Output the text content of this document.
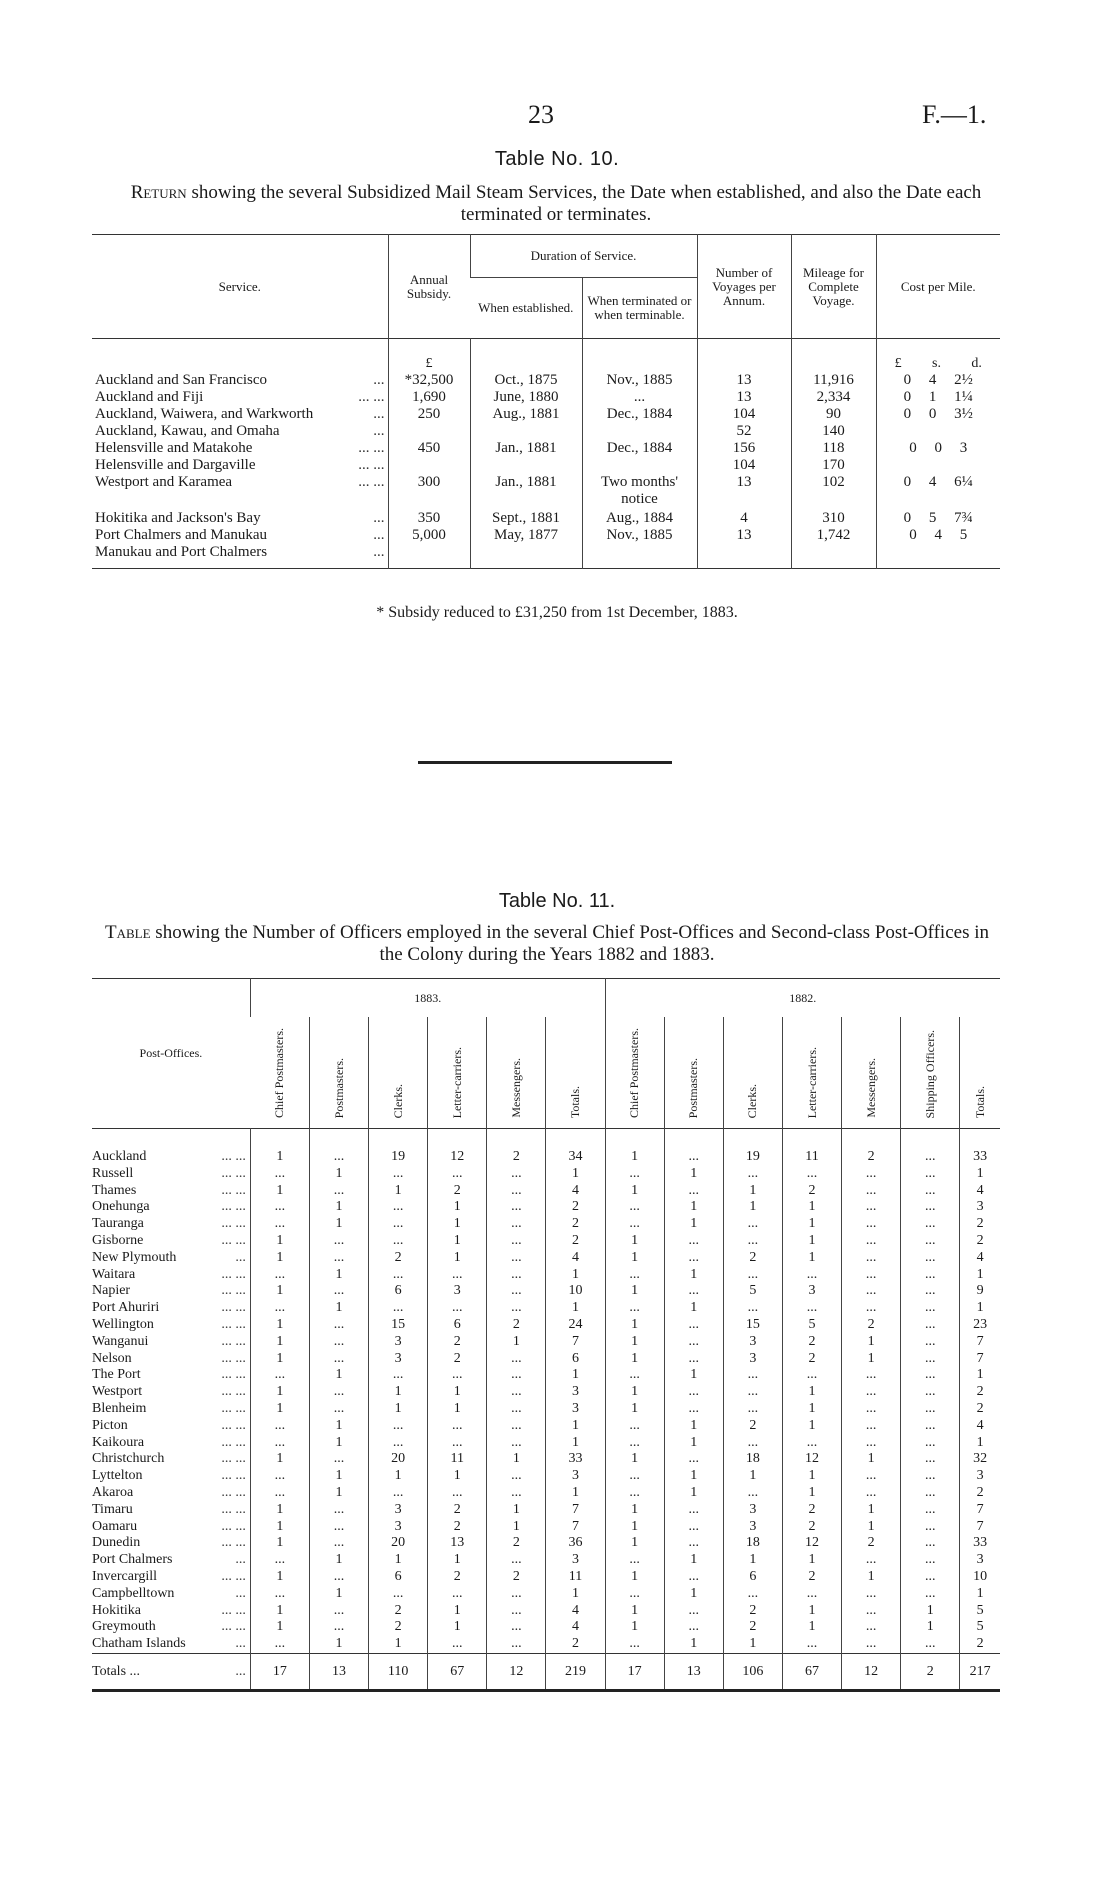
23	F.—1.
Table No. 10.
Return showing the several Subsidized Mail Steam Services, the Date when established, and also the Date each terminated or terminates.
Service.	Annual Subsidy.	Duration of Service.		Number of Voyages per Annum.	Mileage for Complete Voyage.	Cost per Mile.
		When established.	When terminated or when terminable.			
	£					£ s. d.

Auckland and San Francisco ...	*32,500	Oct., 1875	Nov., 1885	13	11,916	0 4 2½

Auckland and Fiji ... ...	1,690	June, 1880	...	13	2,334	0 1 1¼

Auckland, Waiwera, and Warkworth ...	250	Aug., 1881	Dec., 1884	104	90	0 0 3½

Auckland, Kawau, and Omaha ...				52	140	

Helensville and Matakohe ... ...	450	Jan., 1881	Dec., 1884	156	118	0 0 3

Helensville and Dargaville ... ...				104	170	

Westport and Karamea ... ...	300	Jan., 1881	Two months' notice	13	102	0 4 6¼

Hokitika and Jackson's Bay ...	350	Sept., 1881	Aug., 1884	4	310	0 5 7¾

Port Chalmers and Manukau ...	5,000	May, 1877	Nov., 1885	13	1,742	0 4 5

Manukau and Port Chalmers ...						

* Subsidy reduced to £31,250 from 1st December, 1883.
Table No. 11.
Table showing the Number of Officers employed in the several Chief Post-Offices and Second-class Post-Offices in the Colony during the Years 1882 and 1883.
Post-Offices.	1883.						1882.						
	Chief Postmasters.	Postmasters.	Clerks.	Letter-carriers.	Messengers.	Totals.	Chief Postmasters.	Postmasters.	Clerks.	Letter-carriers.	Messengers.	Shipping Officers.	Totals.

Auckland ... ...	1	...	19	12	2	34	1	...	19	11	2	...	33

Russell ... ...	...	1	...	...	...	1	...	1	...	...	...	...	1

Thames ... ...	1	...	1	2	...	4	1	...	1	2	...	...	4

Onehunga ... ...	...	1	...	1	...	2	...	1	1	1	...	...	3

Tauranga ... ...	...	1	...	1	...	2	...	1	...	1	...	...	2

Gisborne ... ...	1	...	...	1	...	2	1	...	...	1	...	...	2

New Plymouth ...	1	...	2	1	...	4	1	...	2	1	...	...	4

Waitara ... ...	...	1	...	...	...	1	...	1	...	...	...	...	1

Napier ... ...	1	...	6	3	...	10	1	...	5	3	...	...	9

Port Ahuriri ... ...	...	1	...	...	...	1	...	1	...	...	...	...	1

Wellington ... ...	1	...	15	6	2	24	1	...	15	5	2	...	23

Wanganui ... ...	1	...	3	2	1	7	1	...	3	2	1	...	7

Nelson ... ...	1	...	3	2	...	6	1	...	3	2	1	...	7

The Port ... ...	...	1	...	...	...	1	...	1	...	...	...	...	1

Westport ... ...	1	...	1	1	...	3	1	...	...	1	...	...	2

Blenheim ... ...	1	...	1	1	...	3	1	...	...	1	...	...	2

Picton ... ...	...	1	...	...	...	1	...	1	2	1	...	...	4

Kaikoura ... ...	...	1	...	...	...	1	...	1	...	...	...	...	1

Christchurch ... ...	1	...	20	11	1	33	1	...	18	12	1	...	32

Lyttelton ... ...	...	1	1	1	...	3	...	1	1	1	...	...	3

Akaroa ... ...	...	1	...	...	...	1	...	1	...	1	...	...	2

Timaru ... ...	1	...	3	2	1	7	1	...	3	2	1	...	7

Oamaru ... ...	1	...	3	2	1	7	1	...	3	2	1	...	7

Dunedin ... ...	1	...	20	13	2	36	1	...	18	12	2	...	33

Port Chalmers ...	...	1	1	1	...	3	...	1	1	1	...	...	3

Invercargill ... ...	1	...	6	2	2	11	1	...	6	2	1	...	10

Campbelltown ...	...	1	...	...	...	1	...	1	...	...	...	...	1

Hokitika ... ...	1	...	2	1	...	4	1	...	2	1	...	1	5

Greymouth ... ...	1	...	2	1	...	4	1	...	2	1	...	1	5

Chatham Islands ...	...	1	1	...	...	2	...	1	1	...	...	...	2

Totals ... ...	17	13	110	67	12	219	17	13	106	67	12	2	217
